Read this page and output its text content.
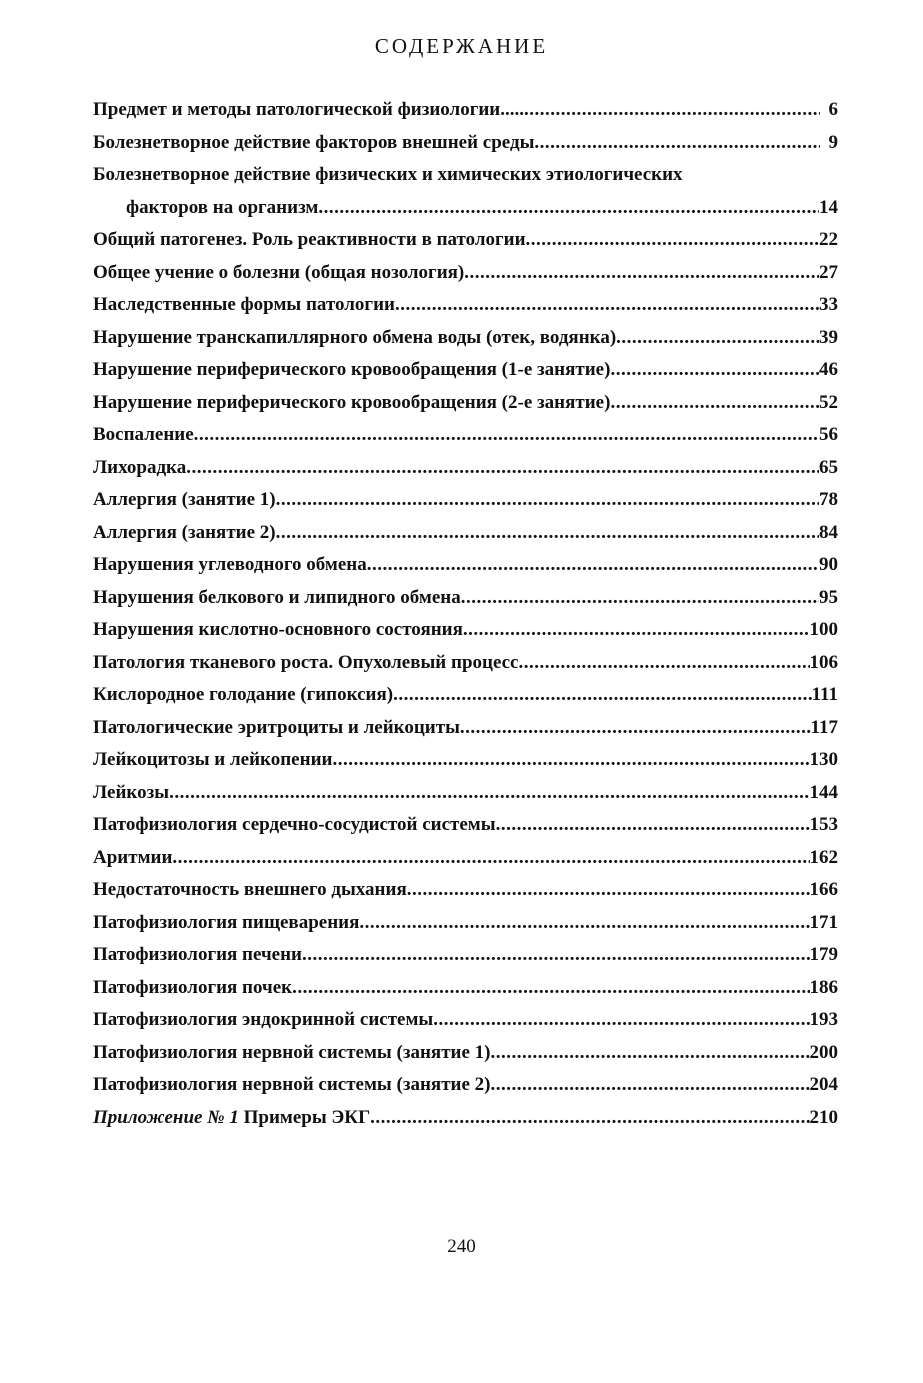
СОДЕРЖАНИЕ
Предмет и методы патологической физиологии..... .....	6
Болезнетворное действие факторов внешней среды .....	9
Болезнетворное действие физических и химических этиологических
факторов на организм .....	14
Общий патогенез. Роль реактивности в патологии .....	22
Общее учение о болезни (общая нозология) .....	27
Наследственные формы патологии .....	33
Нарушение транскапиллярного обмена воды (отек, водянка) .....	39
Нарушение периферического кровообращения (1-е занятие) .....	46
Нарушение периферического кровообращения (2-е занятие) .....	52
Воспаление .....	56
Лихорадка .....	65
Аллергия (занятие 1) .....	78
Аллергия (занятие 2) .....	84
Нарушения углеводного обмена .....	90
Нарушения белкового и липидного обмена .....	95
Нарушения кислотно-основного состояния .....	100
Патология тканевого роста. Опухолевый процесс .....	106
Кислородное голодание (гипоксия) .....	111
Патологические эритроциты и лейкоциты .....	117
Лейкоцитозы и лейкопении .....	130
Лейкозы .....	144
Патофизиология сердечно-сосудистой системы .....	153
Аритмии .....	162
Недостаточность внешнего дыхания .....	166
Патофизиология пищеварения .....	171
Патофизиология печени .....	179
Патофизиология почек .....	186
Патофизиология эндокринной системы .....	193
Патофизиология нервной системы (занятие 1) .....	200
Патофизиология нервной системы (занятие 2) .....	204
Приложение № 1 Примеры ЭКГ .....	210

240
